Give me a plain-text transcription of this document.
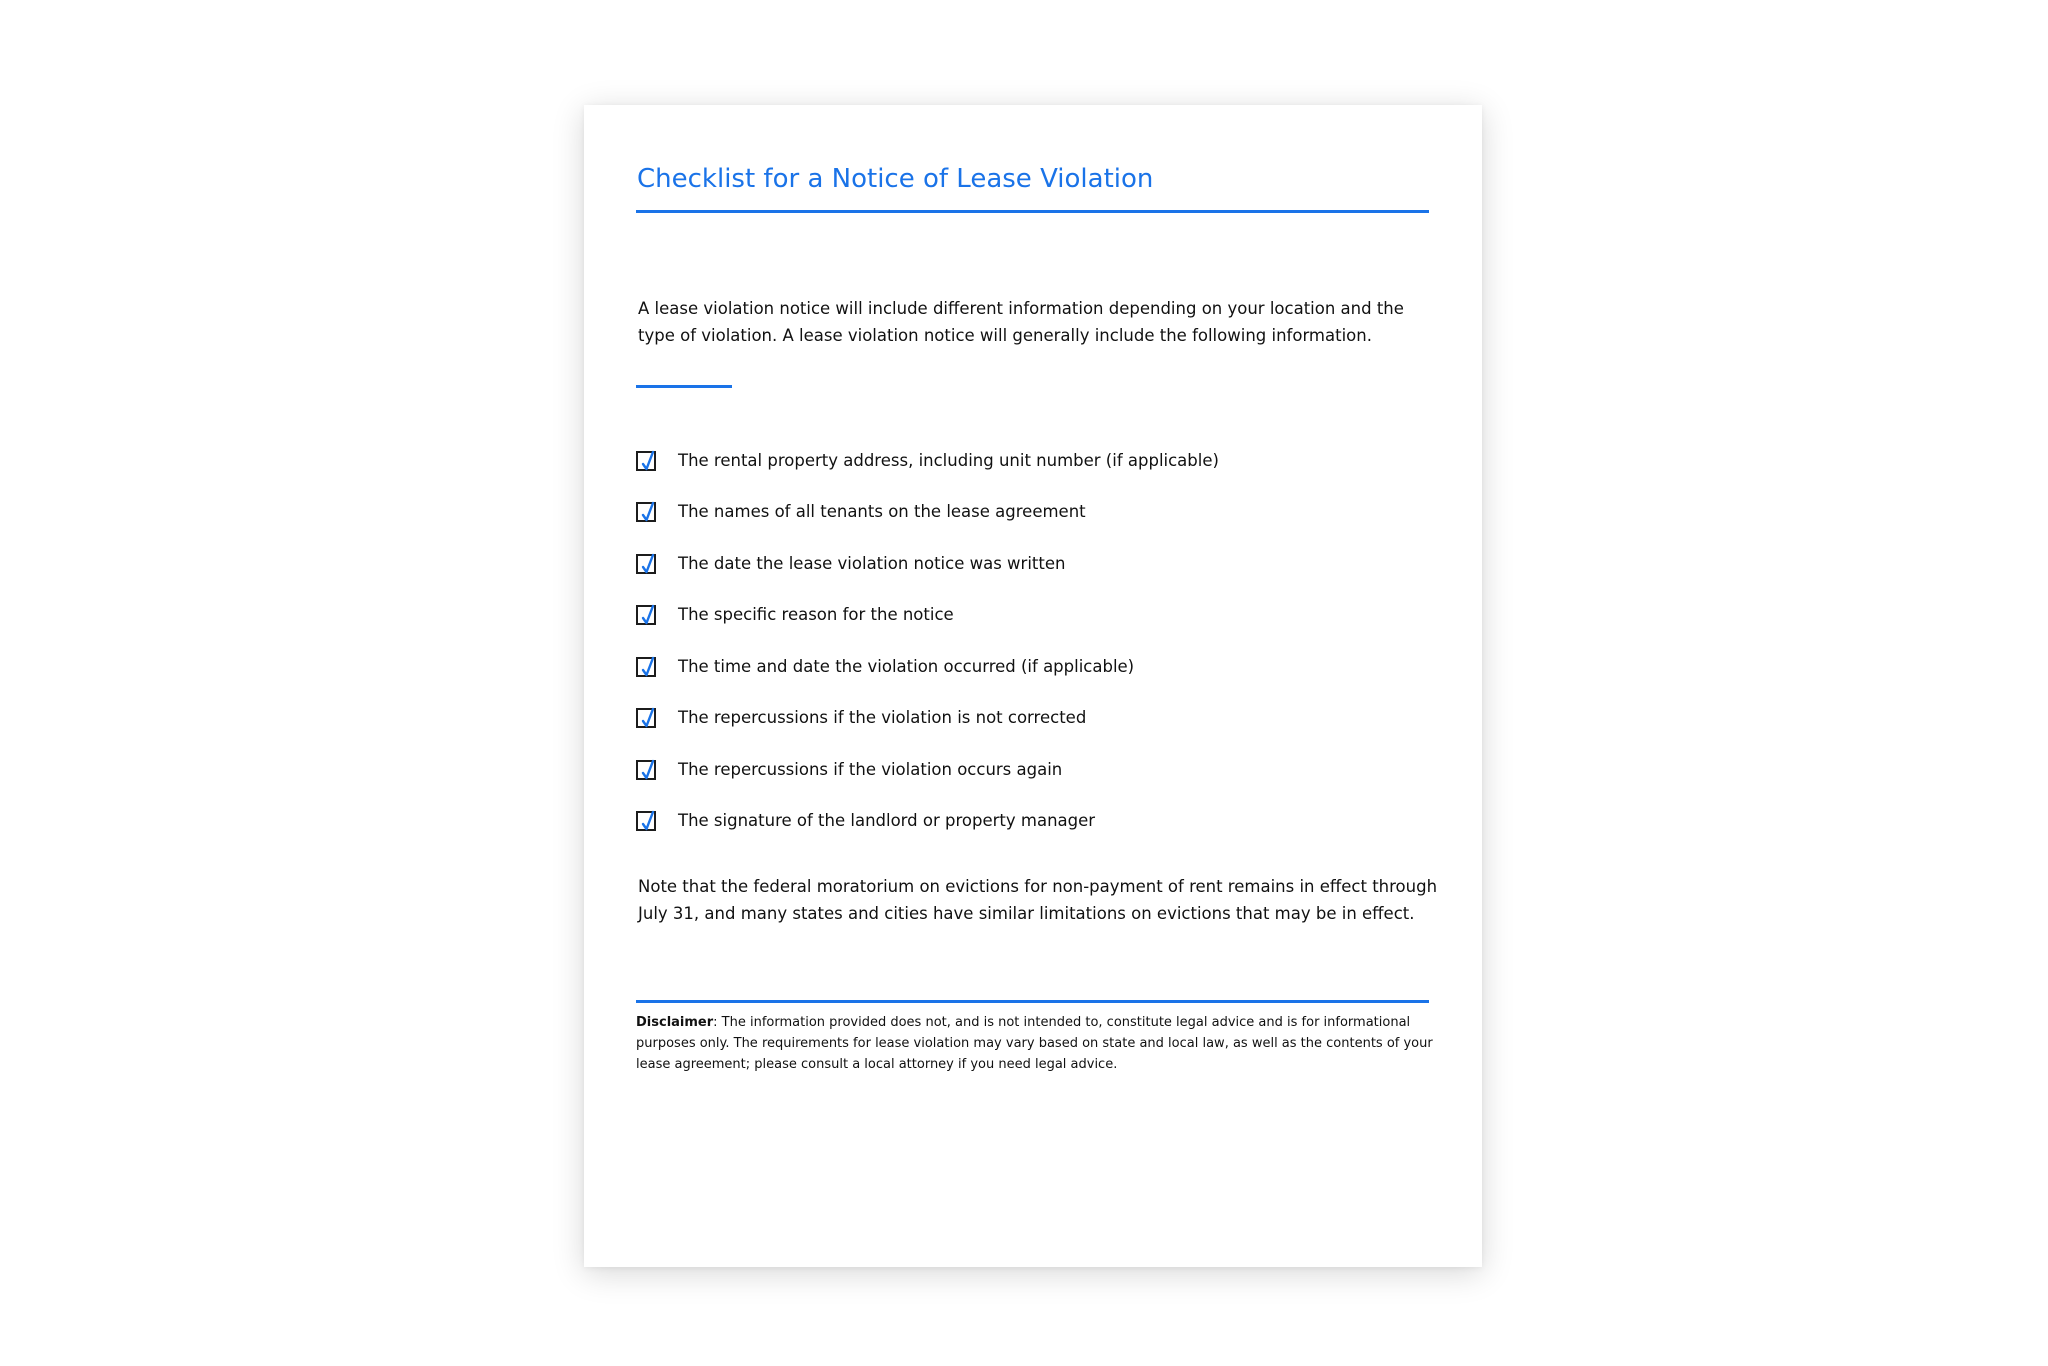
Checklist for a Notice of Lease Violation

A lease violation notice will include different information depending on your location and the type of violation. A lease violation notice will generally include the following information.

The rental property address, including unit number (if applicable)
The names of all tenants on the lease agreement
The date the lease violation notice was written
The specific reason for the notice
The time and date the violation occurred (if applicable)
The repercussions if the violation is not corrected
The repercussions if the violation occurs again
The signature of the landlord or property manager

Note that the federal moratorium on evictions for non-payment of rent remains in effect through July 31, and many states and cities have similar limitations on evictions that may be in effect.

Disclaimer: The information provided does not, and is not intended to, constitute legal advice and is for informational purposes only. The requirements for lease violation may vary based on state and local law, as well as the contents of your lease agreement; please consult a local attorney if you need legal advice.
